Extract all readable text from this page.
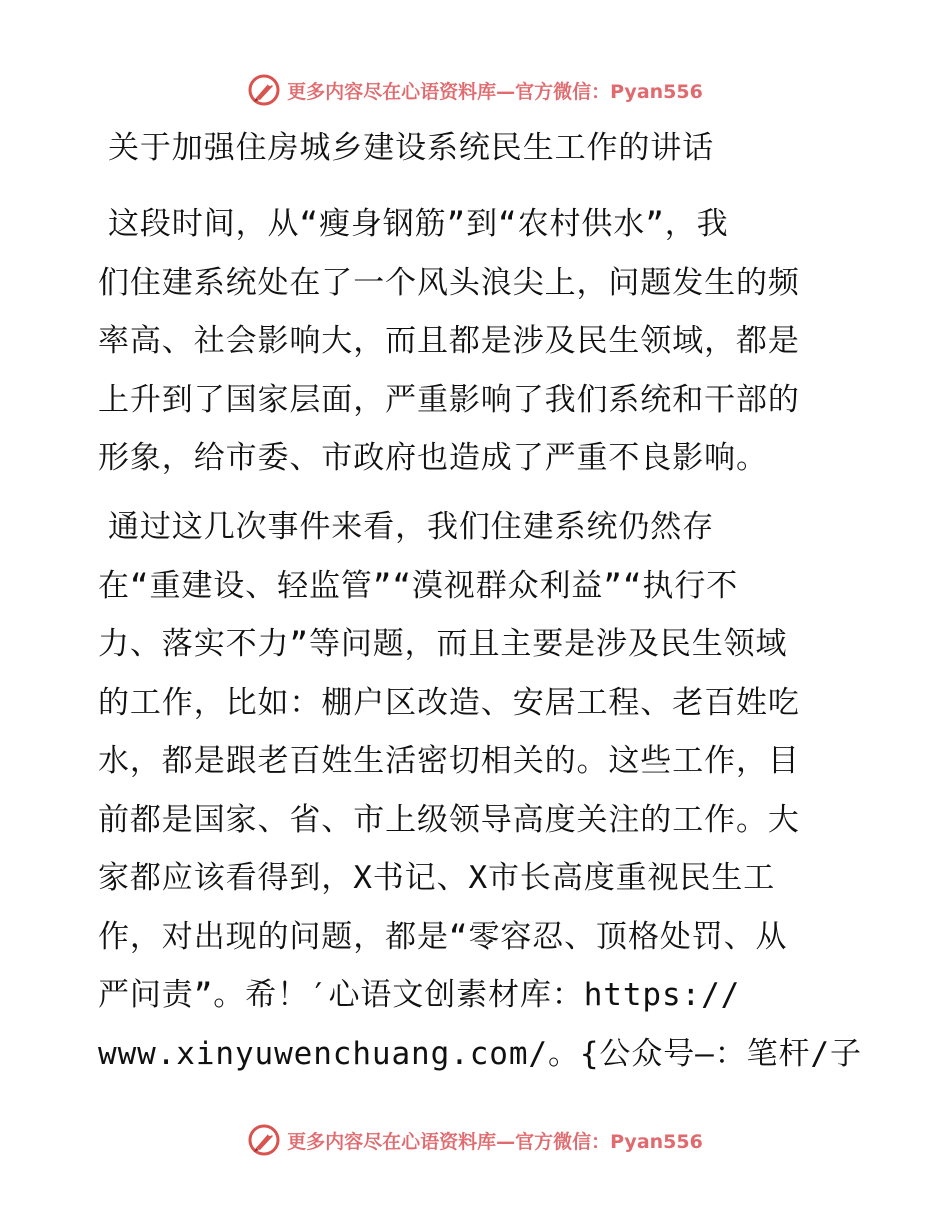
更多内容尽在心语资料库—官方微信：Pyan556
关于加强住房城乡建设系统民生工作的讲话
这段时间，从“瘦身钢筋”到“农村供水”，我
们住建系统处在了一个风头浪尖上，问题发生的频
率高、社会影响大，而且都是涉及民生领域，都是
上升到了国家层面，严重影响了我们系统和干部的
形象，给市委、市政府也造成了严重不良影响。
通过这几次事件来看，我们住建系统仍然存
在“重建设、轻监管”“漠视群众利益”“执行不
力、落实不力”等问题，而且主要是涉及民生领域
的工作，比如：棚户区改造、安居工程、老百姓吃
水，都是跟老百姓生活密切相关的。这些工作，目
前都是国家、省、市上级领导高度关注的工作。大
家都应该看得到，X书记、X市长高度重视民生工
作，对出现的问题，都是“零容忍、顶格处罚、从
严问责”。希！′心语文创素材库：https://
www.xinyuwenchuang.com/。{公众号—：笔杆/子
更多内容尽在心语资料库—官方微信：Pyan556
